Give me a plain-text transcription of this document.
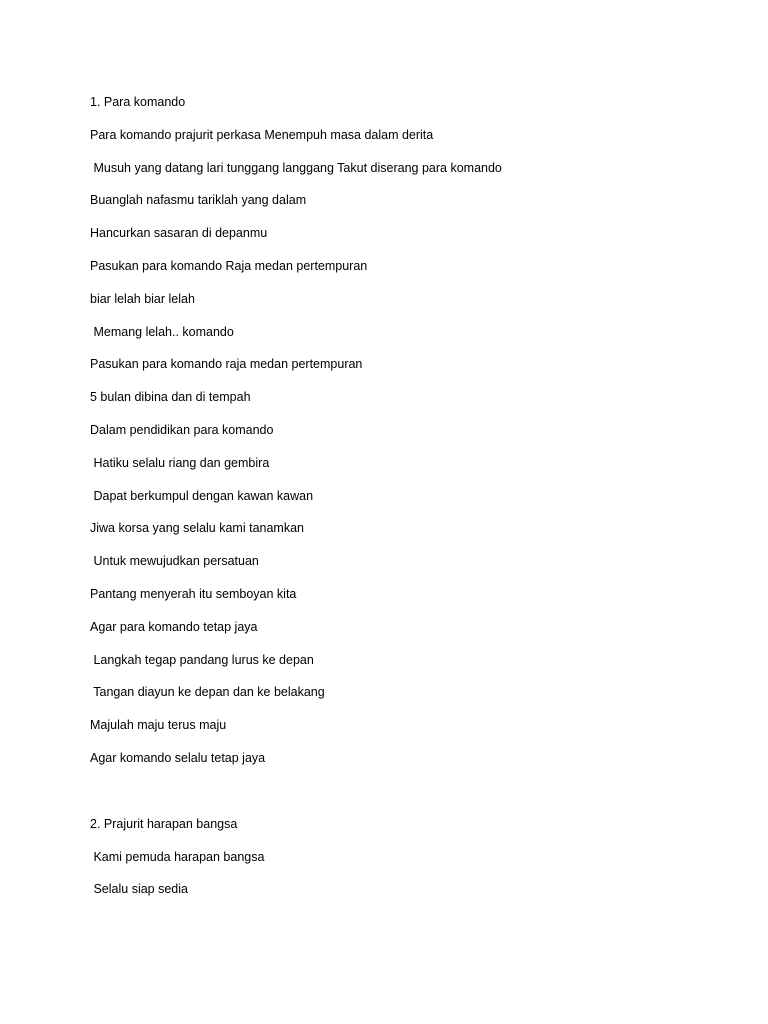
1. Para komando
Para komando prajurit perkasa Menempuh masa dalam derita
Musuh yang datang lari tunggang langgang Takut diserang para komando
Buanglah nafasmu tariklah yang dalam
Hancurkan sasaran di depanmu
Pasukan para komando Raja medan pertempuran
biar lelah biar lelah
Memang lelah.. komando
Pasukan para komando raja medan pertempuran
5 bulan dibina dan di tempah
Dalam pendidikan para komando
Hatiku selalu riang dan gembira
Dapat berkumpul dengan kawan kawan
Jiwa korsa yang selalu kami tanamkan
Untuk mewujudkan persatuan
Pantang menyerah itu semboyan kita
Agar para komando tetap jaya
Langkah tegap pandang lurus ke depan
Tangan diayun ke depan dan ke belakang
Majulah maju terus maju
Agar komando selalu tetap jaya
2. Prajurit harapan bangsa
Kami pemuda harapan bangsa
Selalu siap sedia
